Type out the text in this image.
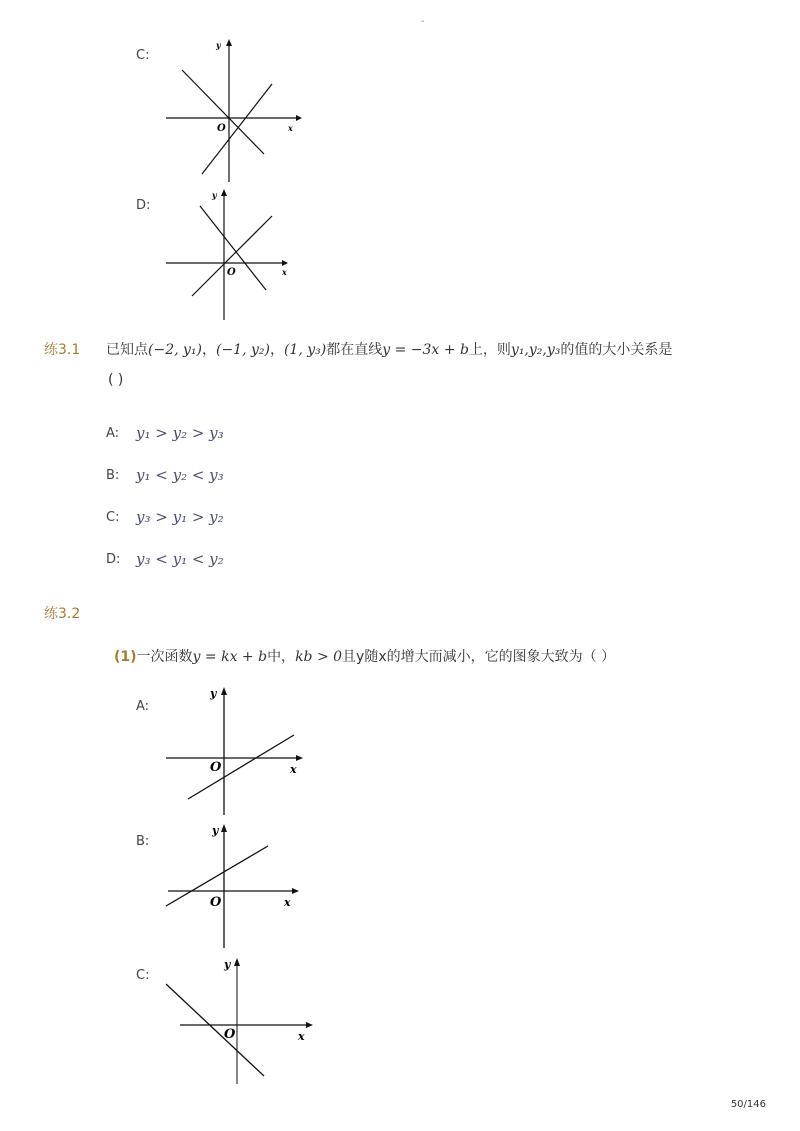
-
C:
O	x
y
D:
O	x
y
练3.1 已知点(−2, y₁)，(−1, y₂)，(1, y₃)都在直线y = −3x + b上，则y₁,y₂,y₃的值的大小关系是
( )
A: y₁ > y₂ > y₃
B: y₁ < y₂ < y₃
C: y₃ > y₁ > y₂
D: y₃ < y₁ < y₂
练3.2
(1)一次函数y = kx + b中，kb > 0且y随x的增大而减小，它的图象大致为（ ）
A:
O	x
y
B:
O	x
y
C:
O	x
y
50/146
